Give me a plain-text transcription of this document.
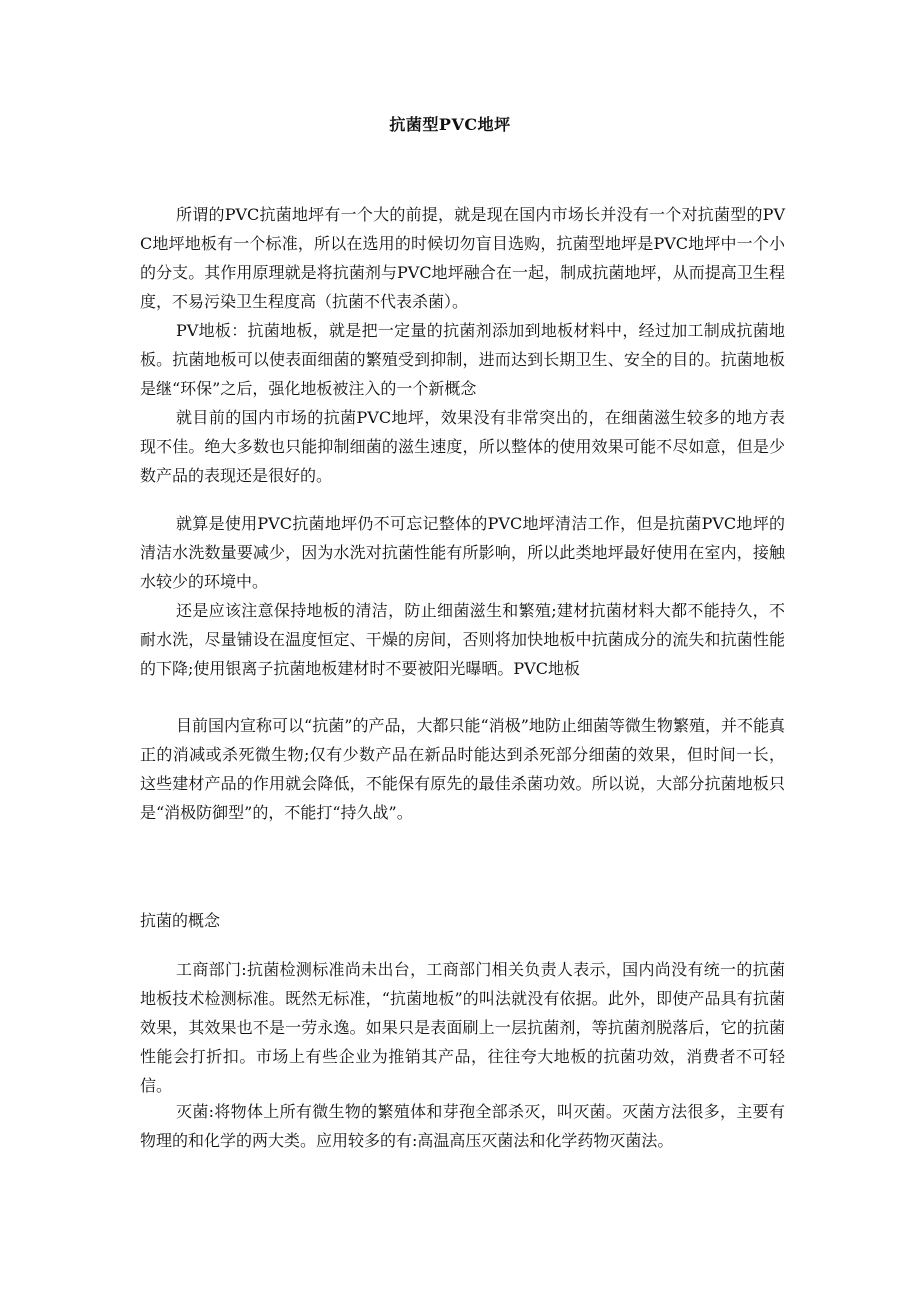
抗菌型PVC地坪

所谓的PVC抗菌地坪有一个大的前提，就是现在国内市场长并没有一个对抗菌型的PVC地坪地板有一个标准，所以在选用的时候切勿盲目选购，抗菌型地坪是PVC地坪中一个小的分支。其作用原理就是将抗菌剂与PVC地坪融合在一起，制成抗菌地坪，从而提高卫生程度，不易污染卫生程度高（抗菌不代表杀菌）。

PV地板：抗菌地板，就是把一定量的抗菌剂添加到地板材料中，经过加工制成抗菌地板。抗菌地板可以使表面细菌的繁殖受到抑制，进而达到长期卫生、安全的目的。抗菌地板是继“环保”之后，强化地板被注入的一个新概念

就目前的国内市场的抗菌PVC地坪，效果没有非常突出的，在细菌滋生较多的地方表现不佳。绝大多数也只能抑制细菌的滋生速度，所以整体的使用效果可能不尽如意，但是少数产品的表现还是很好的。

就算是使用PVC抗菌地坪仍不可忘记整体的PVC地坪清洁工作，但是抗菌PVC地坪的清洁水洗数量要减少，因为水洗对抗菌性能有所影响，所以此类地坪最好使用在室内，接触水较少的环境中。

还是应该注意保持地板的清洁，防止细菌滋生和繁殖;建材抗菌材料大都不能持久，不耐水洗，尽量铺设在温度恒定、干燥的房间，否则将加快地板中抗菌成分的流失和抗菌性能的下降;使用银离子抗菌地板建材时不要被阳光曝晒。PVC地板

目前国内宣称可以“抗菌”的产品，大都只能“消极”地防止细菌等微生物繁殖，并不能真正的消减或杀死微生物;仅有少数产品在新品时能达到杀死部分细菌的效果，但时间一长，这些建材产品的作用就会降低，不能保有原先的最佳杀菌功效。所以说，大部分抗菌地板只是“消极防御型”的，不能打“持久战”。

抗菌的概念

工商部门:抗菌检测标准尚未出台，工商部门相关负责人表示，国内尚没有统一的抗菌地板技术检测标准。既然无标准，“抗菌地板”的叫法就没有依据。此外，即使产品具有抗菌效果，其效果也不是一劳永逸。如果只是表面刷上一层抗菌剂，等抗菌剂脱落后，它的抗菌性能会打折扣。市场上有些企业为推销其产品，往往夸大地板的抗菌功效，消费者不可轻信。

灭菌:将物体上所有微生物的繁殖体和芽孢全部杀灭，叫灭菌。灭菌方法很多，主要有物理的和化学的两大类。应用较多的有:高温高压灭菌法和化学药物灭菌法。
